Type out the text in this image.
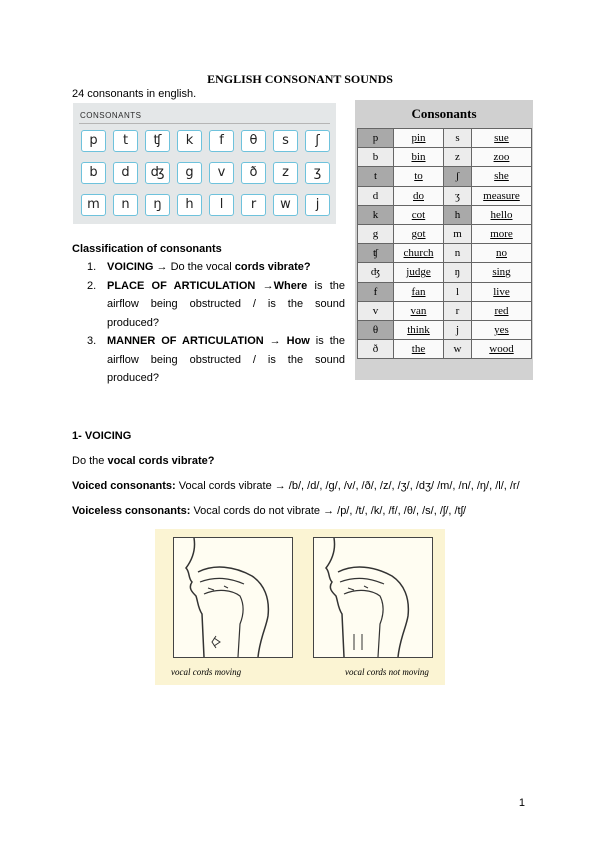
ENGLISH CONSONANT SOUNDS
24 consonants in english.
CONSONANTS
p	t	ʧ	k	f	θ	s	ʃ
b	d	ʤ	g	v	ð	z	ʒ
m	n	ŋ	h	l	r	w	j
Consonants
p	pin	s	sue
b	bin	z	zoo
t	to	ʃ	she
d	do	ʒ	measure
k	cot	h	hello
g	got	m	more
ʧ	church	n	no
ʤ	judge	ŋ	sing
f	fan	l	live
v	van	r	red
θ	think	j	yes
ð	the	w	wood
Classification of consonants
1. VOICING → Do the vocal cords vibrate?
2. PLACE OF ARTICULATION →Where is the airflow being obstructed / is the sound produced?
3. MANNER OF ARTICULATION → How is the airflow being obstructed / is the sound produced?
1- VOICING
Do the vocal cords vibrate?
Voiced consonants: Vocal cords vibrate → /b/, /d/, /g/, /v/, /ð/, /z/, /ʒ/, /dʒ/ /m/, /n/, /ŋ/, /l/, /r/
Voiceless consonants: Vocal cords do not vibrate → /p/, /t/, /k/, /f/, /θ/, /s/, /ʃ/, /tʃ/
vocal cords moving	vocal cords not moving
1
